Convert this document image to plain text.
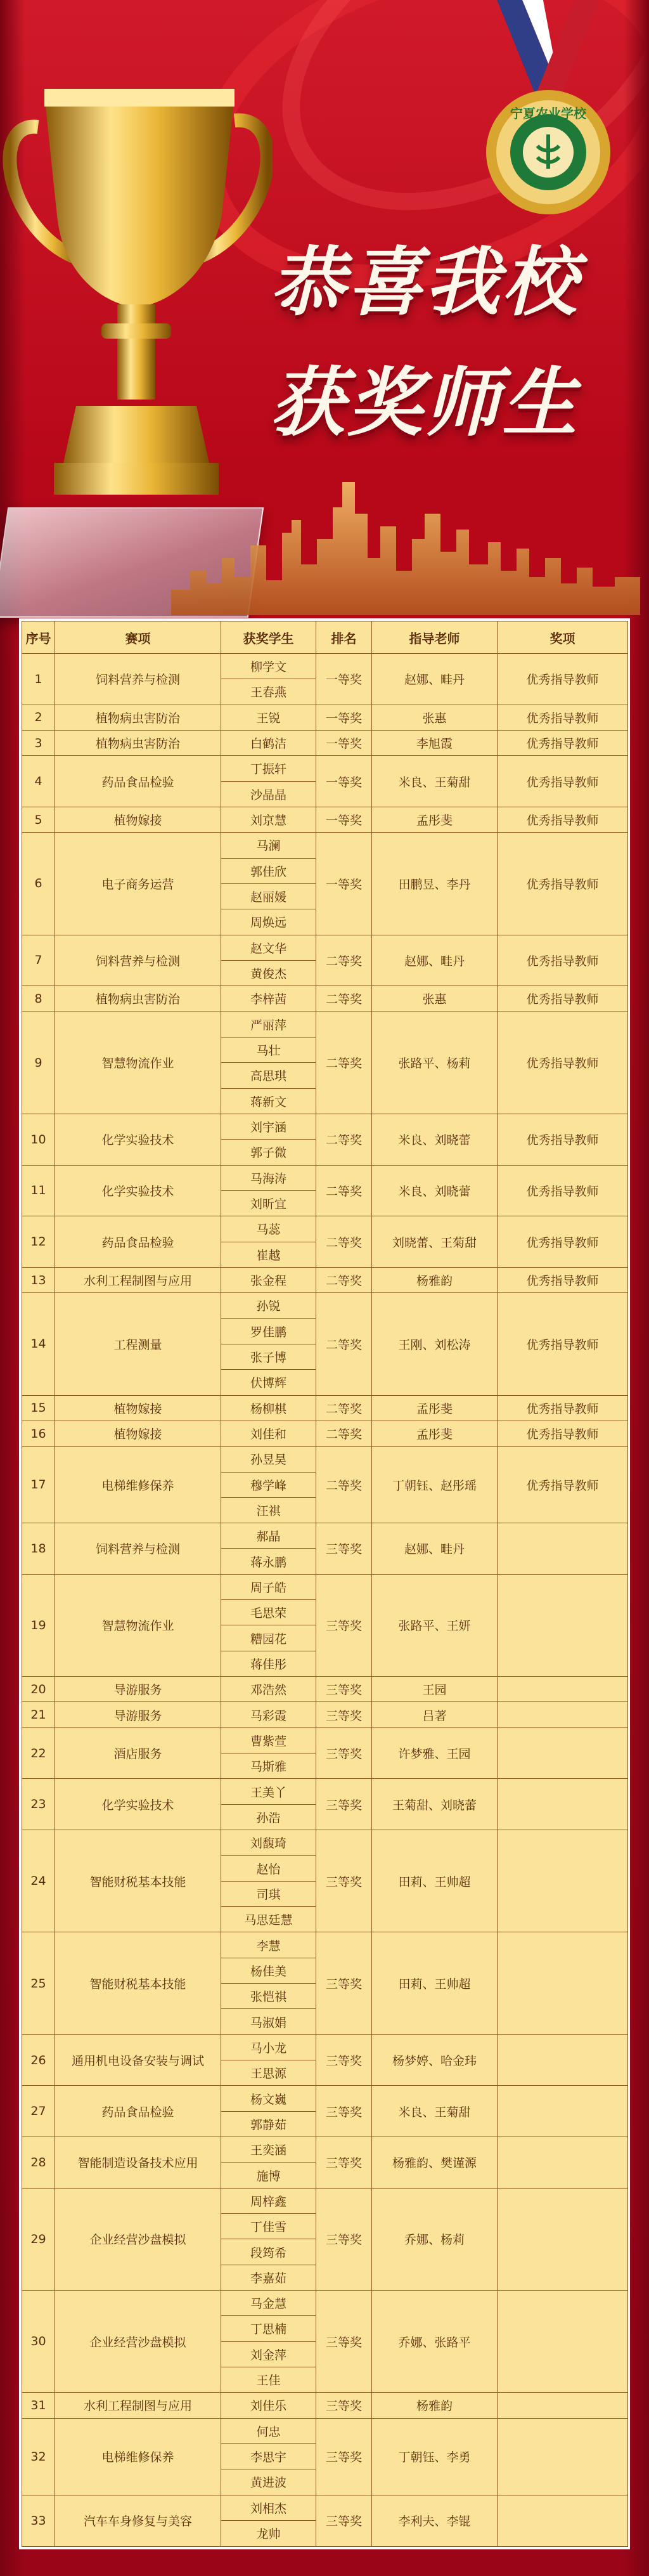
宁夏农业学校
恭喜我校
获奖师生
序号	赛项	获奖学生	排名	指导老师	奖项
1	饲料营养与检测	柳学文	一等奖	赵娜、畦丹	优秀指导教师
		王春燕			
2	植物病虫害防治	王锐	一等奖	张惠	优秀指导教师
3	植物病虫害防治	白鹤洁	一等奖	李旭霞	优秀指导教师
4	药品食品检验	丁振轩	一等奖	米良、王菊甜	优秀指导教师
		沙晶晶			
5	植物嫁接	刘京慧	一等奖	孟彤斐	优秀指导教师
6	电子商务运营	马澜	一等奖	田鹏昱、李丹	优秀指导教师
		郭佳欣			
		赵丽媛			
		周焕远			
7	饲料营养与检测	赵文华	二等奖	赵娜、畦丹	优秀指导教师
		黄俊杰			
8	植物病虫害防治	李梓茜	二等奖	张惠	优秀指导教师
9	智慧物流作业	严丽萍	二等奖	张路平、杨莉	优秀指导教师
		马壮			
		高思琪			
		蒋新文			
10	化学实验技术	刘宇涵	二等奖	米良、刘晓蕾	优秀指导教师
		郭子微			
11	化学实验技术	马海涛	二等奖	米良、刘晓蕾	优秀指导教师
		刘昕宜			
12	药品食品检验	马蕊	二等奖	刘晓蕾、王菊甜	优秀指导教师
		崔越			
13	水利工程制图与应用	张金程	二等奖	杨雅韵	优秀指导教师
14	工程测量	孙锐	二等奖	王刚、刘松涛	优秀指导教师
		罗佳鹏			
		张子博			
		伏博辉			
15	植物嫁接	杨柳棋	二等奖	孟彤斐	优秀指导教师
16	植物嫁接	刘佳和	二等奖	孟彤斐	优秀指导教师
17	电梯维修保养	孙昱昊	二等奖	丁朝钰、赵彤瑶	优秀指导教师
		穆学峰			
		汪祺			
18	饲料营养与检测	郝晶	三等奖	赵娜、畦丹	
		蒋永鹏			
19	智慧物流作业	周子皓	三等奖	张路平、王妍	
		毛思荣			
		糟园花			
		蒋佳彤			
20	导游服务	邓浩然	三等奖	王园	
21	导游服务	马彩霞	三等奖	吕著	
22	酒店服务	曹紫萱	三等奖	许梦雅、王园	
		马斯雅			
23	化学实验技术	王美丫	三等奖	王菊甜、刘晓蕾	
		孙浩			
24	智能财税基本技能	刘馥琦	三等奖	田莉、王帅超	
		赵怡			
		司琪			
		马思廷慧			
25	智能财税基本技能	李慧	三等奖	田莉、王帅超	
		杨佳美			
		张恺祺			
		马淑娟			
26	通用机电设备安装与调试	马小龙	三等奖	杨梦婷、哈金玮	
		王思源			
27	药品食品检验	杨文巍	三等奖	米良、王菊甜	
		郭静茹			
28	智能制造设备技术应用	王奕涵	三等奖	杨雅韵、樊谨源	
		施博			
29	企业经营沙盘模拟	周梓鑫	三等奖	乔娜、杨莉	
		丁佳雪			
		段筠希			
		李嘉茹			
30	企业经营沙盘模拟	马金慧	三等奖	乔娜、张路平	
		丁思楠			
		刘金萍			
		王佳			
31	水利工程制图与应用	刘佳乐	三等奖	杨雅韵	
32	电梯维修保养	何忠	三等奖	丁朝钰、李勇	
		李思宇			
		黄进波			
33	汽车车身修复与美容	刘相杰	三等奖	李利夫、李锟	
		龙帅			
